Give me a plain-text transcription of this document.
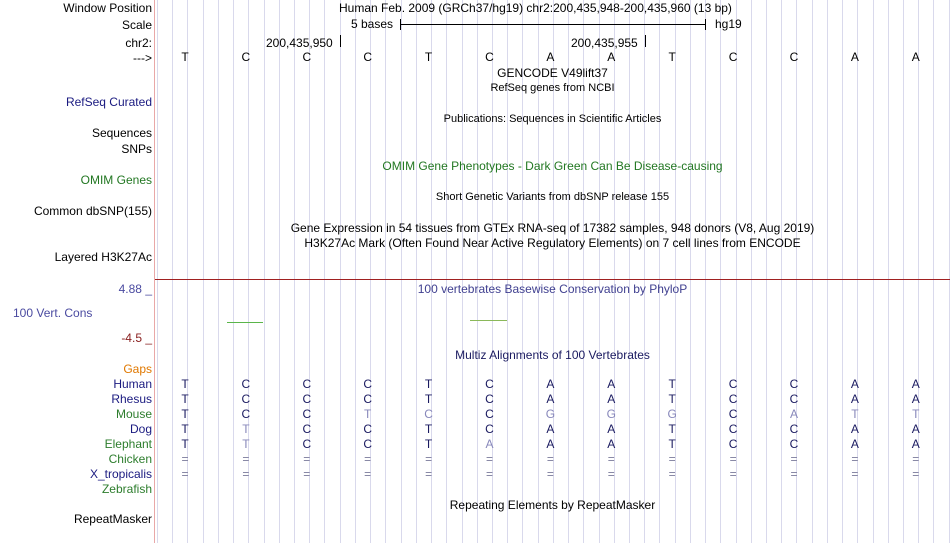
Window Position	Human Feb. 2009 (GRCh37/hg19) chr2:200,435,948-200,435,960 (13 bp)
Scale	5 bases	hg19
chr2:	200,435,950	200,435,955
---> T	C	C	C	T	C	A	A	T	C	C	A	A
GENCODE V49lift37
RefSeq genes from NCBI
RefSeq Curated
Publications: Sequences in Scientific Articles
Sequences
SNPs
OMIM Gene Phenotypes - Dark Green Can Be Disease-causing
OMIM Genes
Short Genetic Variants from dbSNP release 155
Common dbSNP(155)
Gene Expression in 54 tissues from GTEx RNA-seq of 17382 samples, 948 donors (V8, Aug 2019)
H3K27Ac Mark (Often Found Near Active Regulatory Elements) on 7 cell lines from ENCODE
Layered H3K27Ac
100 vertebrates Basewise Conservation by PhyloP
4.88 _
100 Vert. Cons
-4.5 _
Multiz Alignments of 100 Vertebrates
Gaps
Human T	C	C	C	T	C	A	A	T	C	C	A	A
Rhesus T	C	C	C	T	C	A	A	T	C	C	A	A
Mouse T	C	C	T	C	C	G	G	G	C	A	T	T
Dog T	T	C	C	T	C	A	A	T	C	C	A	A
Elephant T	T	C	C	T	A	A	A	T	C	C	A	A
Chicken =	=	=	=	=	=	=	=	=	=	=	=	=
X_tropicalis =	=	=	=	=	=	=	=	=	=	=	=	=
Zebrafish
Repeating Elements by RepeatMasker
RepeatMasker
